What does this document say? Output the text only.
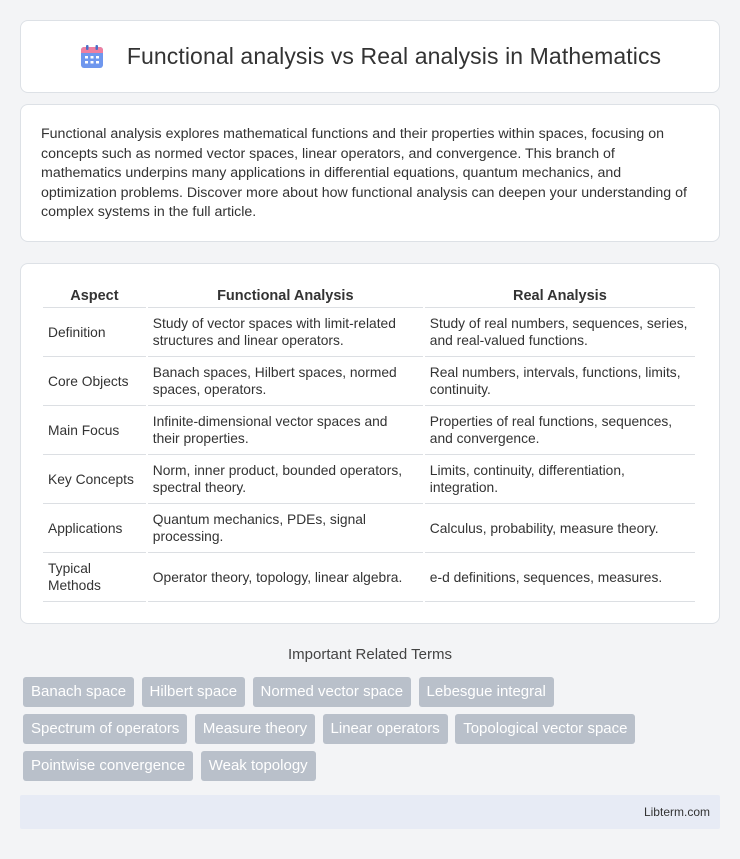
Functional analysis vs Real analysis in Mathematics

Functional analysis explores mathematical functions and their properties within spaces, focusing on concepts such as normed vector spaces, linear operators, and convergence. This branch of mathematics underpins many applications in differential equations, quantum mechanics, and optimization problems. Discover more about how functional analysis can deepen your understanding of complex systems in the full article.

Aspect	Functional Analysis	Real Analysis
Definition	Study of vector spaces with limit-related structures and linear operators.	Study of real numbers, sequences, series, and real-valued functions.
Core Objects	Banach spaces, Hilbert spaces, normed spaces, operators.	Real numbers, intervals, functions, limits, continuity.
Main Focus	Infinite-dimensional vector spaces and their properties.	Properties of real functions, sequences, and convergence.
Key Concepts	Norm, inner product, bounded operators, spectral theory.	Limits, continuity, differentiation, integration.
Applications	Quantum mechanics, PDEs, signal processing.	Calculus, probability, measure theory.
Typical Methods	Operator theory, topology, linear algebra.	e-d definitions, sequences, measures.
Important Related Terms
Banach space Hilbert space Normed vector space Lebesgue integral Spectrum of operators Measure theory Linear operators Topological vector space Pointwise convergence Weak topology
Libterm.com
